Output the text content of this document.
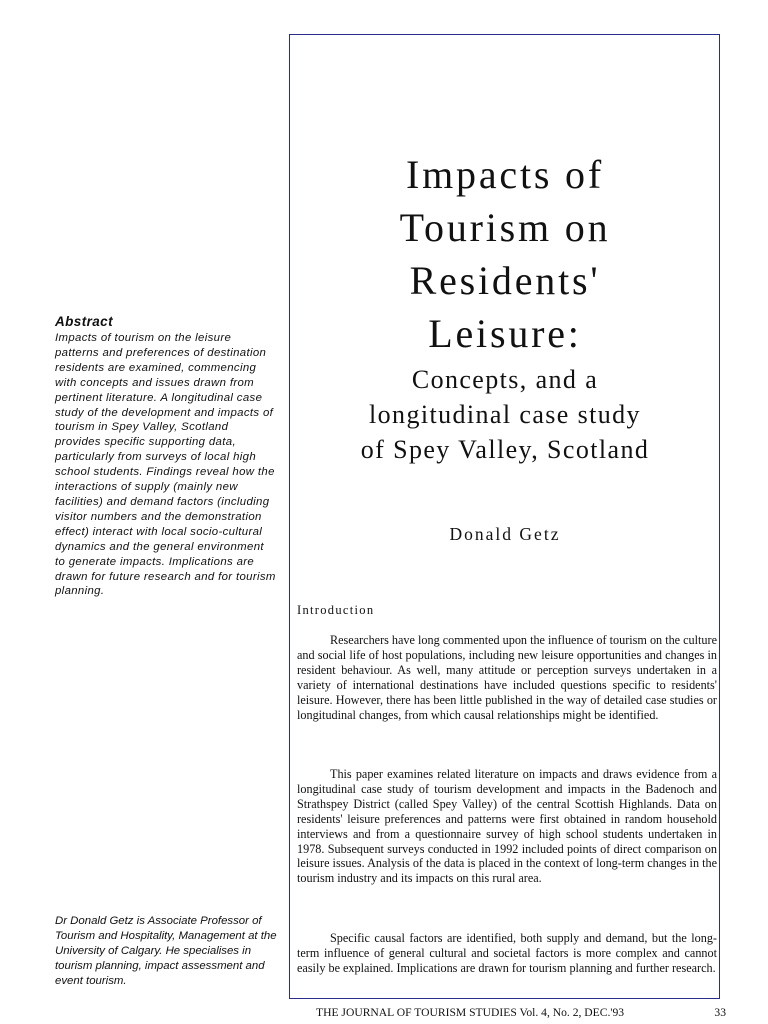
Abstract

Impacts of tourism on the leisure patterns and preferences of destination residents are examined, commencing with concepts and issues drawn from pertinent literature. A longitudinal case study of the development and impacts of tourism in Spey Valley, Scotland provides specific supporting data, particularly from surveys of local high school students. Findings reveal how the interactions of supply (mainly new facilities) and demand factors (including visitor numbers and the demonstration effect) interact with local socio-cultural dynamics and the general environment to generate impacts. Implications are drawn for future research and for tourism planning.

Dr Donald Getz is Associate Professor of Tourism and Hospitality, Management at the University of Calgary. He specialises in tourism planning, impact assessment and event tourism.

Impacts of
Tourism on
Residents'
Leisure:
Concepts, and a
longitudinal case study
of Spey Valley, Scotland

Donald Getz

Introduction

Researchers have long commented upon the influence of tourism on the culture and social life of host populations, including new leisure opportunities and changes in resident behaviour. As well, many attitude or perception surveys undertaken in a variety of international destinations have included questions specific to residents' leisure. However, there has been little published in the way of detailed case studies or longitudinal changes, from which causal relationships might be identified.

This paper examines related literature on impacts and draws evidence from a longitudinal case study of tourism development and impacts in the Badenoch and Strathspey District (called Spey Valley) of the central Scottish Highlands. Data on residents' leisure preferences and patterns were first obtained in random household interviews and from a questionnaire survey of high school students undertaken in 1978. Subsequent surveys conducted in 1992 included points of direct comparison on leisure issues. Analysis of the data is placed in the context of long-term changes in the tourism industry and its impacts on this rural area.

Specific causal factors are identified, both supply and demand, but the long-term influence of general cultural and societal factors is more complex and cannot easily be explained. Implications are drawn for tourism planning and further research.

THE JOURNAL OF TOURISM STUDIES Vol. 4, No. 2, DEC.'93	33
